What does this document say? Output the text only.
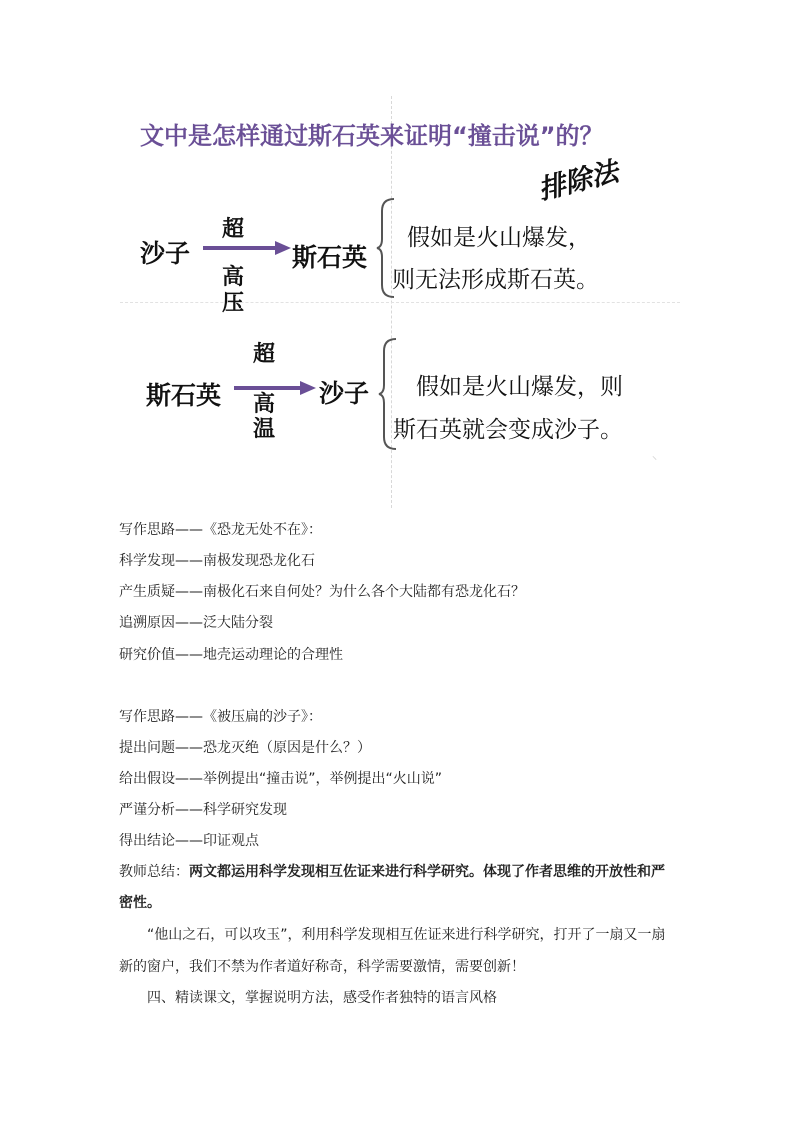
文中是怎样通过斯石英来证明“撞击说”的？
排除法
沙子
超
高
压
斯石英
假如是火山爆发，
则无法形成斯石英。
斯石英
超
高
温
沙子 假如是火山爆发，则
斯石英就会变成沙子。
⸜
写作思路——《恐龙无处不在》：
科学发现——南极发现恐龙化石
产生质疑——南极化石来自何处？为什么各个大陆都有恐龙化石？
追溯原因——泛大陆分裂
研究价值——地壳运动理论的合理性
写作思路——《被压扁的沙子》：
提出问题——恐龙灭绝（原因是什么？）
给出假设——举例提出“撞击说”，举例提出“火山说”
严谨分析——科学研究发现
得出结论——印证观点
教师总结：两文都运用科学发现相互佐证来进行科学研究。体现了作者思维的开放性和严
密性。
“他山之石，可以攻玉”，利用科学发现相互佐证来进行科学研究，打开了一扇又一扇
新的窗户，我们不禁为作者道好称奇，科学需要激情，需要创新！
四、精读课文，掌握说明方法，感受作者独特的语言风格
